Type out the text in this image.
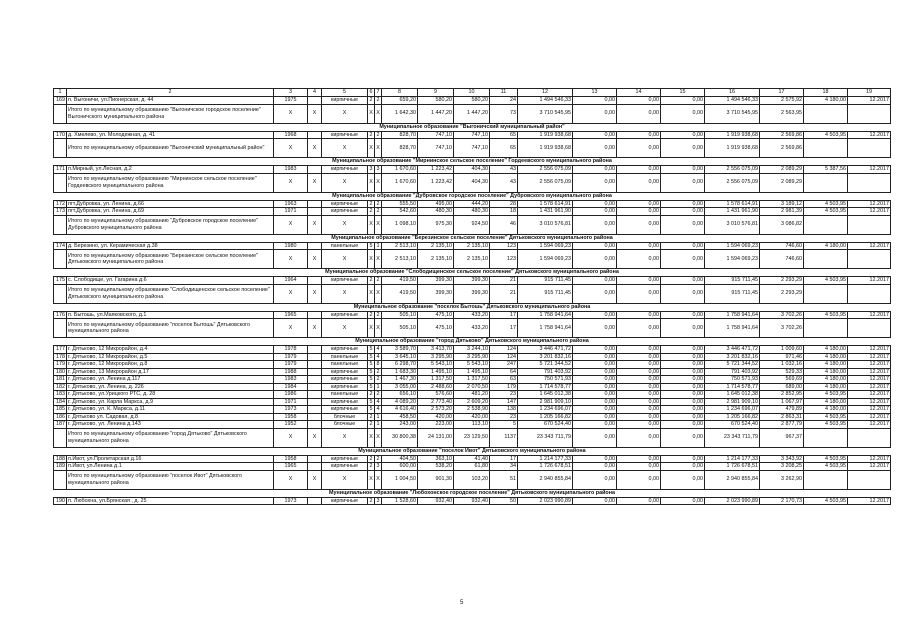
1	2	3	4	5	6	7	8	9	10	11	12	13	14	15	16	17	18	19
169	п. Выгоничи, ул.Пионерская, д. 44	1975		кирпичные	2	2	659,20	580,20	580,20	24	1 494 546,33	0,00	0,00	0,00	1 494 546,33	2 575,92	4 180,00	12.2017
	Итого по муниципальному образованию "Выгоничское городское поселение" Выгоничского муниципального района	X	X	X	X	X	1 642,30	1 447,20	1 447,20	73	3 710 545,95	0,00	0,00	0,00	3 710 545,95	2 563,95		
Муниципальное образование "Выгоничский муниципальный район"																		
170	д. Хмелево, ул. Молодежная, д. 41	1968		кирпичные	2	2	828,70	747,10	747,10	65	1 919 938,68	0,00	0,00	0,00	1 919 938,68	2 569,86	4 503,95	12.2017
	Итого по муниципальному образованию "Выгоничский муниципальный район"	X	X	X	X	X	828,70	747,10	747,10	65	1 919 938,68	0,00	0,00	0,00	1 919 938,68	2 569,86		
Муниципальное образование "Мирнинское сельское поселение" Гордеевского муниципального района																		
171	п.Мирный, ул.Лесная, д.2	1983		кирпичные	3	3	1 670,60	1 223,42	404,30	43	2 556 075,09	0,00	0,00	0,00	2 556 075,09	2 089,29	5 387,56	12.2017
	Итого по муниципальному образованию "Мирнинское сельское поселение" Гордеевского муниципального района	X	X	X	X	X	1 670,60	1 223,42	404,30	43	2 556 075,09	0,00	0,00	0,00	2 556 075,09	2 089,29		
Муниципальное образование "Дубровское городское поселение" Дубровского муниципального района																		
172	пгт.Дубровка, ул. Ленина, д.66	1963		кирпичные	2	2	555,50	495,00	444,20	28	1 578 614,91	0,00	0,00	0,00	1 578 614,91	3 189,12	4 503,95	12.2017
173	пгт.Дубровка, ул. Ленина, д.69	1971		кирпичные	2	2	542,60	480,30	480,30	18	1 431 961,90	0,00	0,00	0,00	1 431 961,90	2 981,39	4 503,95	12.2017
	Итого по муниципальному образованию "Дубровское городское поселение" Дубровского муниципального района	X	X	X	X	X	1 098,10	975,30	924,50	46	3 010 576,81	0,00	0,00	0,00	3 010 576,81	3 086,82		
Муниципальное образование "Березинское сельское поселение" Дятьковского муниципального района																		
174	д. Березино, ул. Керамическая д.38	1980		панельные	5	1	2 513,10	2 135,10	2 135,10	123	1 594 069,23	0,00	0,00	0,00	1 594 069,23	746,60	4 180,00	12.2017
	Итого по муниципальному образованию "Березинское сельское поселение" Дятьковского муниципального района	X	X	X	X	X	2 513,10	2 135,10	2 135,10	123	1 594 069,23	0,00	0,00	0,00	1 594 069,23	746,60		
Муниципальное образование "Слободищенское сельское поселение" Дятьковского муниципального района																		
175	с. Слободище, ул. Гагарина д.6	1964		кирпичные	2	2	419,50	399,30	399,30	21	915 711,45	0,00	0,00	0,00	915 711,45	2 293,29	4 503,95	12.2017
	Итого по муниципальному образованию "Слободищенское сельское поселение" Дятьковского муниципального района	X	X	X	X	X	419,50	399,30	399,30	21	915 711,45	0,00	0,00	0,00	915 711,45	2 293,29		
Муниципальное образование "поселок Бытошь" Дятьковского муниципального района																		
176	п. Бытошь, ул.Маяковского, д.1	1965		кирпичные	2	2	505,10	475,10	433,20	17	1 758 941,64	0,00	0,00	0,00	1 758 941,64	3 702,26	4 503,95	12.2017
	Итого по муниципальному образованию "поселок Бытошь" Дятьковского муниципального района	X	X	X	X	X	505,10	475,10	433,20	17	1 758 941,64	0,00	0,00	0,00	1 758 941,64	3 702,26		
Муниципальное образование "город Дятьково" Дятьковского муниципального района																		
177	г. Дятьково, 12 Микрорайон, д.4	1978		кирпичные	5	4	3 589,70	3 413,70	3 244,10	124	3 446 471,72	0,00	0,00	0,00	3 446 471,72	1 009,60	4 180,00	12.2017
178	г. Дятьково, 12 Микрорайон, д.5	1979		панельные	5	4	3 645,10	3 295,90	3 295,90	124	3 201 832,16	0,00	0,00	0,00	3 201 832,16	971,46	4 180,00	12.2017
179	г. Дятьково, 12 Микрорайон, д.8	1979		панельные	5	8	6 298,70	5 543,10	5 543,10	247	5 721 344,52	0,00	0,00	0,00	5 721 344,52	1 032,16	4 180,00	12.2017
180	г. Дятьково, 13 Микрорайон д.17	1988		кирпичные	5	2	1 683,30	1 495,10	1 495,10	64	791 403,92	0,00	0,00	0,00	791 403,92	529,33	4 180,00	12.2017
181	г. Дятьково, ул. Ленина д.117	1983		кирпичные	5	2	1 467,30	1 317,50	1 317,50	63	750 571,93	0,00	0,00	0,00	750 571,93	569,69	4 180,00	12.2017
182	г. Дятьково, ул. Ленина, д. 226	1984		кирпичные	5	1	3 055,00	2 488,60	2 070,50	179	1 714 578,77	0,00	0,00	0,00	1 714 578,77	689,00	4 180,00	12.2017
183	г. Дятьково, ул.Урицкого РТС, д. 28	1986		панельные	2	2	656,10	576,60	481,20	23	1 645 012,38	0,00	0,00	0,00	1 645 012,38	2 852,95	4 503,95	12.2017
184	г. Дятьково, ул. Карла Маркса, д.9	1971		кирпичные	5	4	4 089,20	2 773,40	2 609,20	147	2 981 909,10	0,00	0,00	0,00	2 981 909,10	1 067,97	4 180,00	12.2017
185	г. Дятьково, ул. К. Маркса, д.11	1973		кирпичные	5	4	4 616,40	2 573,20	2 538,90	138	1 234 696,07	0,00	0,00	0,00	1 234 696,07	479,89	4 180,00	12.2017
186	г. Дятьково ул. Садовая, д.8	1958		блочные	2	1	458,50	420,00	420,00	23	1 205 166,82	0,00	0,00	0,00	1 205 166,82	2 863,31	4 503,95	12.2017
187	г. Дятьково, ул. Ленина д.143	1952		блочные	2	1	243,00	223,00	113,10	5	670 524,40	0,00	0,00	0,00	670 524,40	2 877,79	4 503,95	12.2017
	Итого по муниципальному образованию "город Дятьково" Дятьковского муниципального района	X	X	X	X	X	30 800,38	24 131,00	23 129,50	1137	23 343 711,79	0,00	0,00	0,00	23 343 711,79	967,37		
Муниципальное образование "поселок Ивот" Дятьковского муниципального района																		
188	п.Ивот, ул.Пролетарская д.16	1958		кирпичные	2	2	404,50	363,10	41,40	17	1 214 177,33	0,00	0,00	0,00	1 214 177,33	3 343,92	4 503,95	12.2017
189	п.Ивот, ул.Ленина д.1	1965		кирпичные	2	3	600,00	538,20	61,80	34	1 726 678,51	0,00	0,00	0,00	1 726 678,51	3 208,25	4 503,95	12.2017
	Итого по муниципальному образованию "поселок Ивот" Дятьковского муниципального района	X	X	X	X	X	1 004,50	901,30	103,20	51	2 940 855,84	0,00	0,00	0,00	2 940 855,84	3 262,90		
Муниципальное образование "Любохонское городское поселение" Дятьковского муниципального района																		
190	п. Любохна, ул.Брянская , д. 25	1973		кирпичные	2	3	1 528,60	932,40	932,40	50	2 023 990,89	0,00	0,00	0,00	2 023 990,89	2 170,73	4 503,95	12.2017
5
